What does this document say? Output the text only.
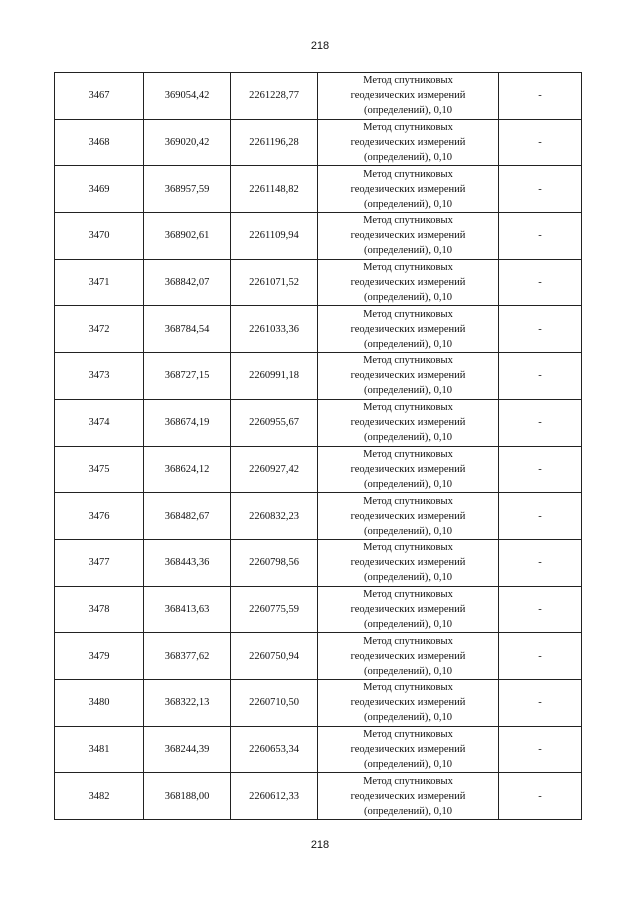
218
3467	369054,42	2261228,77	Метод спутниковых
геодезических измерений
(определений), 0,10	-
3468	369020,42	2261196,28	Метод спутниковых
геодезических измерений
(определений), 0,10	-
3469	368957,59	2261148,82	Метод спутниковых
геодезических измерений
(определений), 0,10	-
3470	368902,61	2261109,94	Метод спутниковых
геодезических измерений
(определений), 0,10	-
3471	368842,07	2261071,52	Метод спутниковых
геодезических измерений
(определений), 0,10	-
3472	368784,54	2261033,36	Метод спутниковых
геодезических измерений
(определений), 0,10	-
3473	368727,15	2260991,18	Метод спутниковых
геодезических измерений
(определений), 0,10	-
3474	368674,19	2260955,67	Метод спутниковых
геодезических измерений
(определений), 0,10	-
3475	368624,12	2260927,42	Метод спутниковых
геодезических измерений
(определений), 0,10	-
3476	368482,67	2260832,23	Метод спутниковых
геодезических измерений
(определений), 0,10	-
3477	368443,36	2260798,56	Метод спутниковых
геодезических измерений
(определений), 0,10	-
3478	368413,63	2260775,59	Метод спутниковых
геодезических измерений
(определений), 0,10	-
3479	368377,62	2260750,94	Метод спутниковых
геодезических измерений
(определений), 0,10	-
3480	368322,13	2260710,50	Метод спутниковых
геодезических измерений
(определений), 0,10	-
3481	368244,39	2260653,34	Метод спутниковых
геодезических измерений
(определений), 0,10	-
3482	368188,00	2260612,33	Метод спутниковых
геодезических измерений
(определений), 0,10	-
218
